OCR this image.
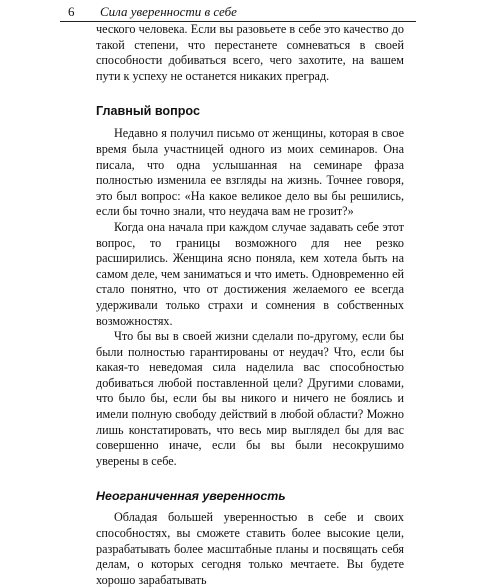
6 Сила уверенности в себе

ческого человека. Если вы разовьете в себе это качество до такой степени, что перестанете сомневаться в своей способности добиваться всего, чего захотите, на вашем пути к успеху не останется никаких преград.

Главный вопрос

Недавно я получил письмо от женщины, которая в свое время была участницей одного из моих семинаров. Она писала, что одна услышанная на семинаре фраза полностью изменила ее взгляды на жизнь. Точнее говоря, это был вопрос: «На какое великое дело вы бы решились, если бы точно знали, что неудача вам не грозит?»

Когда она начала при каждом случае задавать себе этот вопрос, то границы возможного для нее резко расширились. Женщина ясно поняла, кем хотела быть на самом деле, чем заниматься и что иметь. Одновременно ей стало понятно, что от достижения желаемого ее всегда удерживали только страхи и сомнения в собственных возможностях.

Что бы вы в своей жизни сделали по-другому, если бы были полностью гарантированы от неудач? Что, если бы какая-то неведомая сила наделила вас способностью добиваться любой поставленной цели? Другими словами, что было бы, если бы вы никого и ничего не боялись и имели полную свободу действий в любой области? Можно лишь констатировать, что весь мир выглядел бы для вас совершенно иначе, если бы вы были несокрушимо уверены в себе.

Неограниченная уверенность

Обладая большей уверенностью в себе и своих способностях, вы сможете ставить более высокие цели, разрабатывать более масштабные планы и посвящать себя делам, о которых сегодня только мечтаете. Вы будете хорошо зарабатывать
